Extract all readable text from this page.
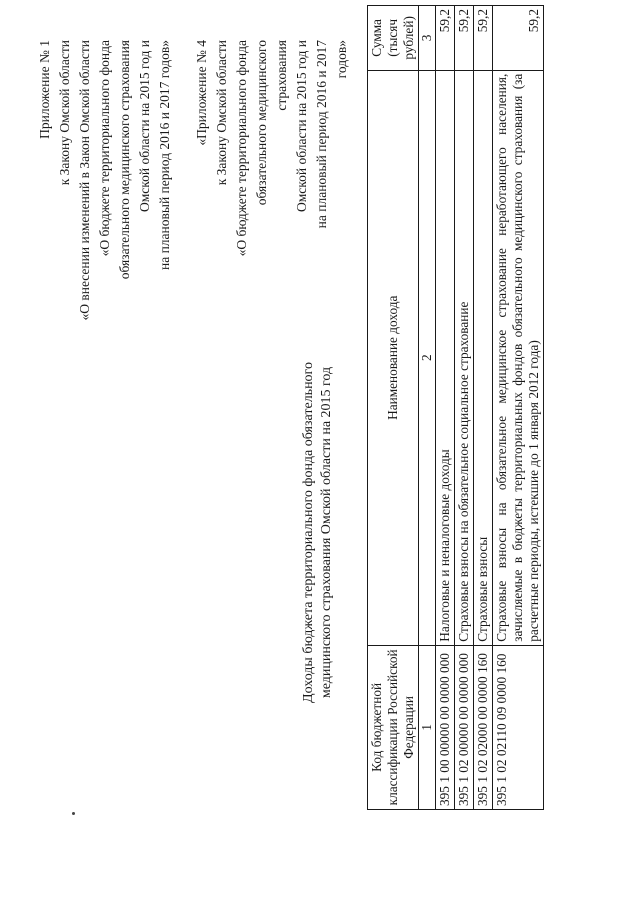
Приложение № 1 к Закону Омской области «О внесении изменений в Закон Омской области «О бюджете территориального фонда обязательного медицинского страхования Омской области на 2015 год и на плановый период 2016 и 2017 годов» «Приложение № 4 к Закону Омской области «О бюджете территориального фонда обязательного медицинского страхования Омской области на 2015 год и на плановый период 2016 и 2017 годов»
Доходы бюджета территориального фонда обязательного медицинского страхования Омской области на 2015 год
Код бюджетной классификации Российской Федерации	Наименование дохода	Сумма (тысяч рублей)
1	2	3
395 1 00 00000 00 0000 000	Налоговые и неналоговые доходы	59,2
395 1 02 00000 00 0000 000	Страховые взносы на обязательное социальное страхование	59,2
395 1 02 02000 00 0000 160	Страховые взносы	59,2
395 1 02 02110 09 0000 160	Страховые взносы на обязательное медицинское страхование неработающего населения, зачисляемые в бюджеты территориальных фондов обязательного медицинского страхования (за расчетные периоды, истекшие до 1 января 2012 года)	59,2
